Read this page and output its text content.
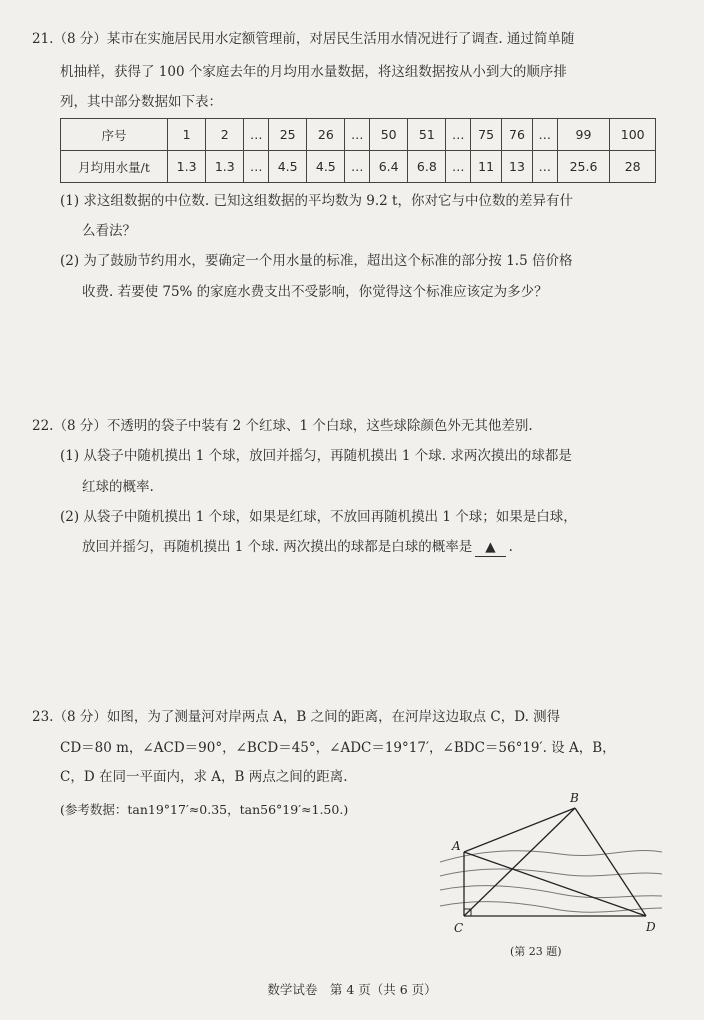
21.（8 分）某市在实施居民用水定额管理前，对居民生活用水情况进行了调查. 通过简单随
机抽样，获得了 100 个家庭去年的月均用水量数据，将这组数据按从小到大的顺序排
列，其中部分数据如下表：
序号	1	2	…	25	26	…	50	51	…	75	76	…	99	100
月均用水量/t	1.3	1.3	…	4.5	4.5	…	6.4	6.8	…	11	13	…	25.6	28
(1) 求这组数据的中位数. 已知这组数据的平均数为 9.2 t，你对它与中位数的差异有什
么看法？
(2) 为了鼓励节约用水，要确定一个用水量的标准，超出这个标准的部分按 1.5 倍价格
收费. 若要使 75% 的家庭水费支出不受影响，你觉得这个标准应该定为多少？
22.（8 分）不透明的袋子中装有 2 个红球、1 个白球，这些球除颜色外无其他差别.
(1) 从袋子中随机摸出 1 个球，放回并摇匀，再随机摸出 1 个球. 求两次摸出的球都是
红球的概率.
(2) 从袋子中随机摸出 1 个球，如果是红球，不放回再随机摸出 1 个球；如果是白球，
放回并摇匀，再随机摸出 1 个球. 两次摸出的球都是白球的概率是 ▲ .
23.（8 分）如图，为了测量河对岸两点 A，B 之间的距离，在河岸这边取点 C，D. 测得
CD＝80 m，∠ACD＝90°，∠BCD＝45°，∠ADC＝19°17′，∠BDC＝56°19′. 设 A，B，
C，D 在同一平面内，求 A，B 两点之间的距离.
(参考数据：tan19°17′≈0.35，tan56°19′≈1.50.)
A
B
C	D
(第 23 题)
数学试卷　第 4 页（共 6 页）
